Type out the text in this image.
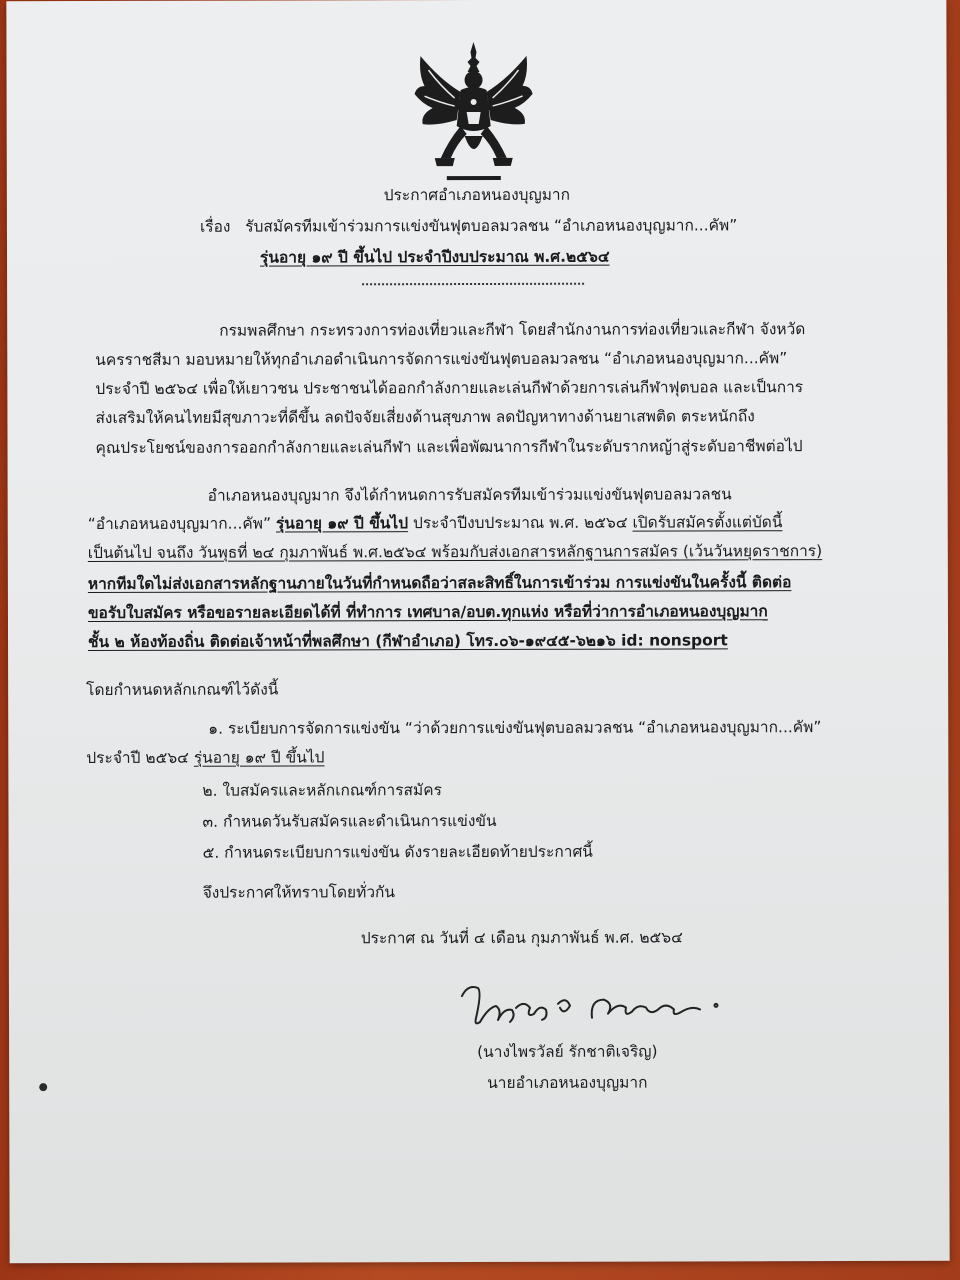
ประกาศอำเภอหนองบุญมาก
เรื่อง รับสมัครทีมเข้าร่วมการแข่งขันฟุตบอลมวลชน “อำเภอหนองบุญมาก...คัพ”
รุ่นอายุ ๑๙ ปี ขึ้นไป ประจำปีงบประมาณ พ.ศ.๒๕๖๔
กรมพลศึกษา กระทรวงการท่องเที่ยวและกีฬา โดยสำนักงานการท่องเที่ยวและกีฬา จังหวัด
นครราชสีมา มอบหมายให้ทุกอำเภอดำเนินการจัดการแข่งขันฟุตบอลมวลชน “อำเภอหนองบุญมาก...คัพ”
ประจำปี ๒๕๖๔ เพื่อให้เยาวชน ประชาชนได้ออกกำลังกายและเล่นกีฬาด้วยการเล่นกีฬาฟุตบอล และเป็นการ
ส่งเสริมให้คนไทยมีสุขภาวะที่ดีขึ้น ลดปัจจัยเสี่ยงด้านสุขภาพ ลดปัญหาทางด้านยาเสพติด ตระหนักถึง
คุณประโยชน์ของการออกกำลังกายและเล่นกีฬา และเพื่อพัฒนาการกีฬาในระดับรากหญ้าสู่ระดับอาชีพต่อไป
อำเภอหนองบุญมาก จึงได้กำหนดการรับสมัครทีมเข้าร่วมแข่งขันฟุตบอลมวลชน
“อำเภอหนองบุญมาก...คัพ” รุ่นอายุ ๑๙ ปี ขึ้นไป ประจำปีงบประมาณ พ.ศ. ๒๕๖๔ เปิดรับสมัครตั้งแต่บัดนี้
เป็นต้นไป จนถึง วันพุธที่ ๒๔ กุมภาพันธ์ พ.ศ.๒๕๖๔ พร้อมกับส่งเอกสารหลักฐานการสมัคร (เว้นวันหยุดราชการ)
หากทีมใดไม่ส่งเอกสารหลักฐานภายในวันที่กำหนดถือว่าสละสิทธิ์ในการเข้าร่วม การแข่งขันในครั้งนี้ ติดต่อ
ขอรับใบสมัคร หรือขอรายละเอียดได้ที่ ที่ทำการ เทศบาล/อบต.ทุกแห่ง หรือที่ว่าการอำเภอหนองบุญมาก
ชั้น ๒ ห้องท้องถิ่น ติดต่อเจ้าหน้าที่พลศึกษา (กีฬาอำเภอ) โทร.๐๖-๑๙๔๕-๖๒๑๖ id: nonsport
โดยกำหนดหลักเกณฑ์ไว้ดังนี้
๑. ระเบียบการจัดการแข่งขัน “ว่าด้วยการแข่งขันฟุตบอลมวลชน “อำเภอหนองบุญมาก...คัพ”
ประจำปี ๒๕๖๔ รุ่นอายุ ๑๙ ปี ขึ้นไป
๒. ใบสมัครและหลักเกณฑ์การสมัคร
๓. กำหนดวันรับสมัครและดำเนินการแข่งขัน
๕. กำหนดระเบียบการแข่งขัน ดังรายละเอียดท้ายประกาศนี้
จึงประกาศให้ทราบโดยทั่วกัน
ประกาศ ณ วันที่ ๔ เดือน กุมภาพันธ์ พ.ศ. ๒๕๖๔
(นางไพรวัลย์ รักชาติเจริญ)
นายอำเภอหนองบุญมาก
